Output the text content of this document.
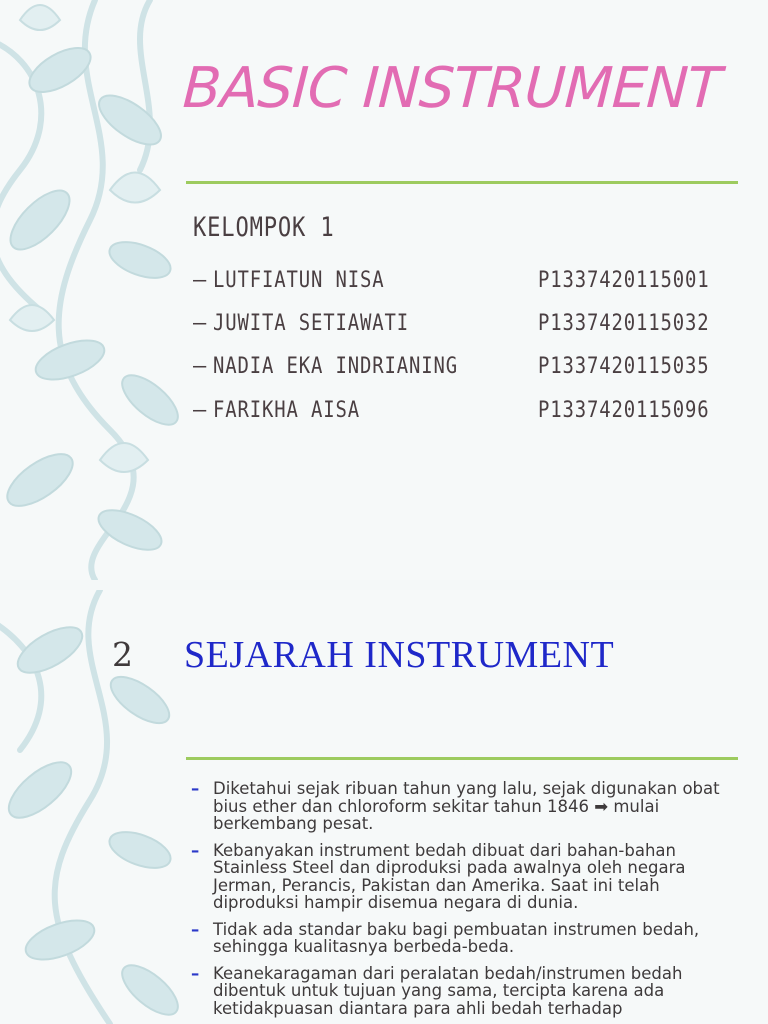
BASIC INSTRUMENT
KELOMPOK 1
– LUTFIATUN NISA	P1337420115001
– JUWITA SETIAWATI	P1337420115032
– NADIA EKA INDRIANING	P1337420115035
– FARIKHA AISA	P1337420115096
2 SEJARAH INSTRUMENT
– Diketahui sejak ribuan tahun yang lalu, sejak digunakan obat bius ether dan chloroform sekitar tahun 1846 ➡ mulai berkembang pesat.
– Kebanyakan instrument bedah dibuat dari bahan-bahan Stainless Steel dan diproduksi pada awalnya oleh negara Jerman, Perancis, Pakistan dan Amerika. Saat ini telah diproduksi hampir disemua negara di dunia.
– Tidak ada standar baku bagi pembuatan instrumen bedah, sehingga kualitasnya berbeda-beda.
– Keanekaragaman dari peralatan bedah/instrumen bedah dibentuk untuk tujuan yang sama, tercipta karena ada ketidakpuasan diantara para ahli bedah terhadap
